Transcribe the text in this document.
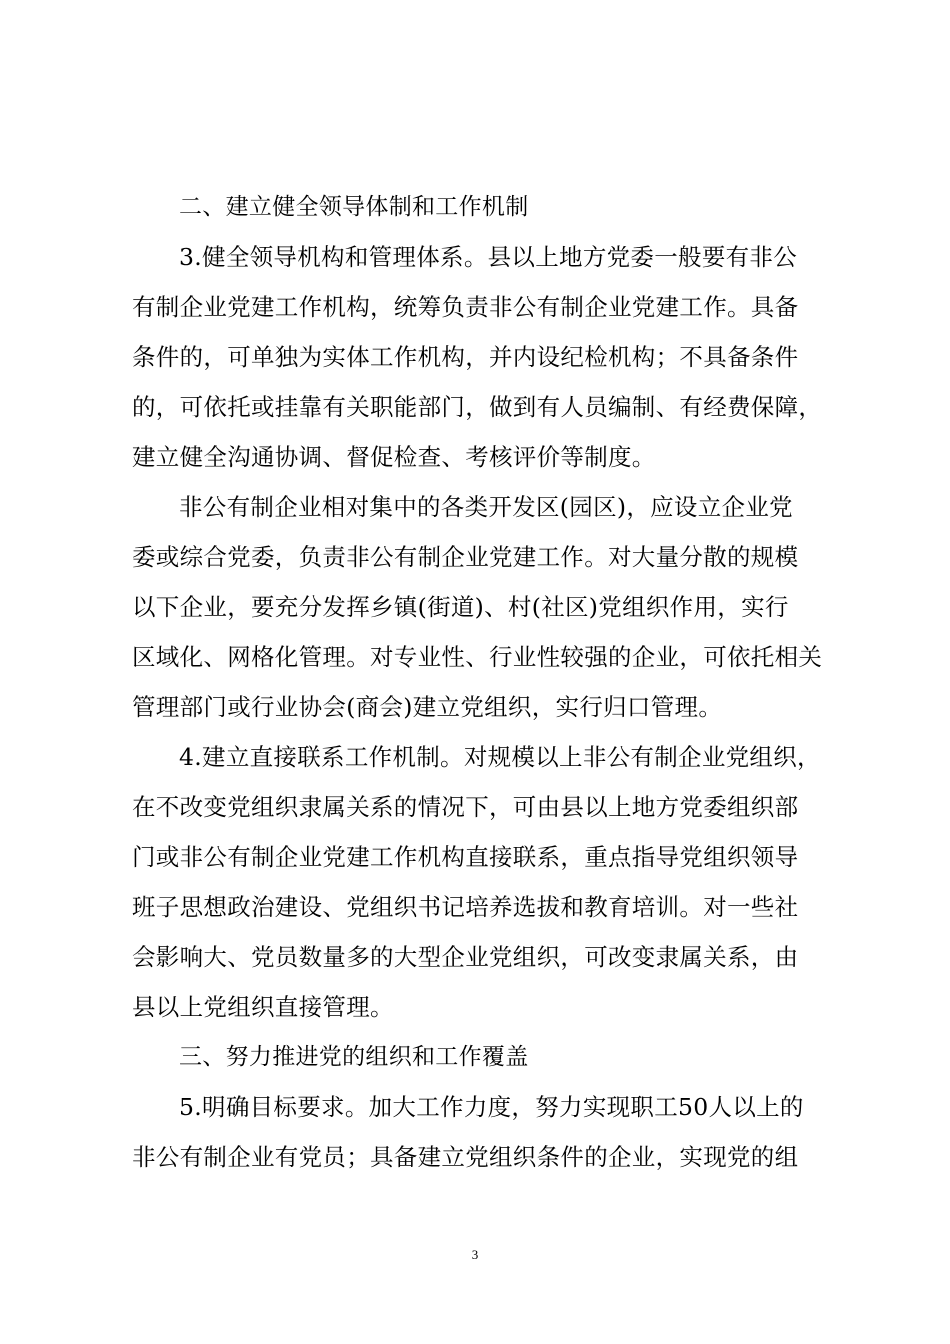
二、建立健全领导体制和工作机制
3.健全领导机构和管理体系。县以上地方党委一般要有非公
有制企业党建工作机构，统筹负责非公有制企业党建工作。具备
条件的，可单独为实体工作机构，并内设纪检机构；不具备条件
的，可依托或挂靠有关职能部门，做到有人员编制、有经费保障，
建立健全沟通协调、督促检查、考核评价等制度。
非公有制企业相对集中的各类开发区(园区)，应设立企业党
委或综合党委，负责非公有制企业党建工作。对大量分散的规模
以下企业，要充分发挥乡镇(街道)、村(社区)党组织作用，实行
区域化、网格化管理。对专业性、行业性较强的企业，可依托相关
管理部门或行业协会(商会)建立党组织，实行归口管理。
4.建立直接联系工作机制。对规模以上非公有制企业党组织，
在不改变党组织隶属关系的情况下，可由县以上地方党委组织部
门或非公有制企业党建工作机构直接联系，重点指导党组织领导
班子思想政治建设、党组织书记培养选拔和教育培训。对一些社
会影响大、党员数量多的大型企业党组织，可改变隶属关系，由
县以上党组织直接管理。
三、努力推进党的组织和工作覆盖
5.明确目标要求。加大工作力度，努力实现职工50人以上的
非公有制企业有党员；具备建立党组织条件的企业，实现党的组
3
